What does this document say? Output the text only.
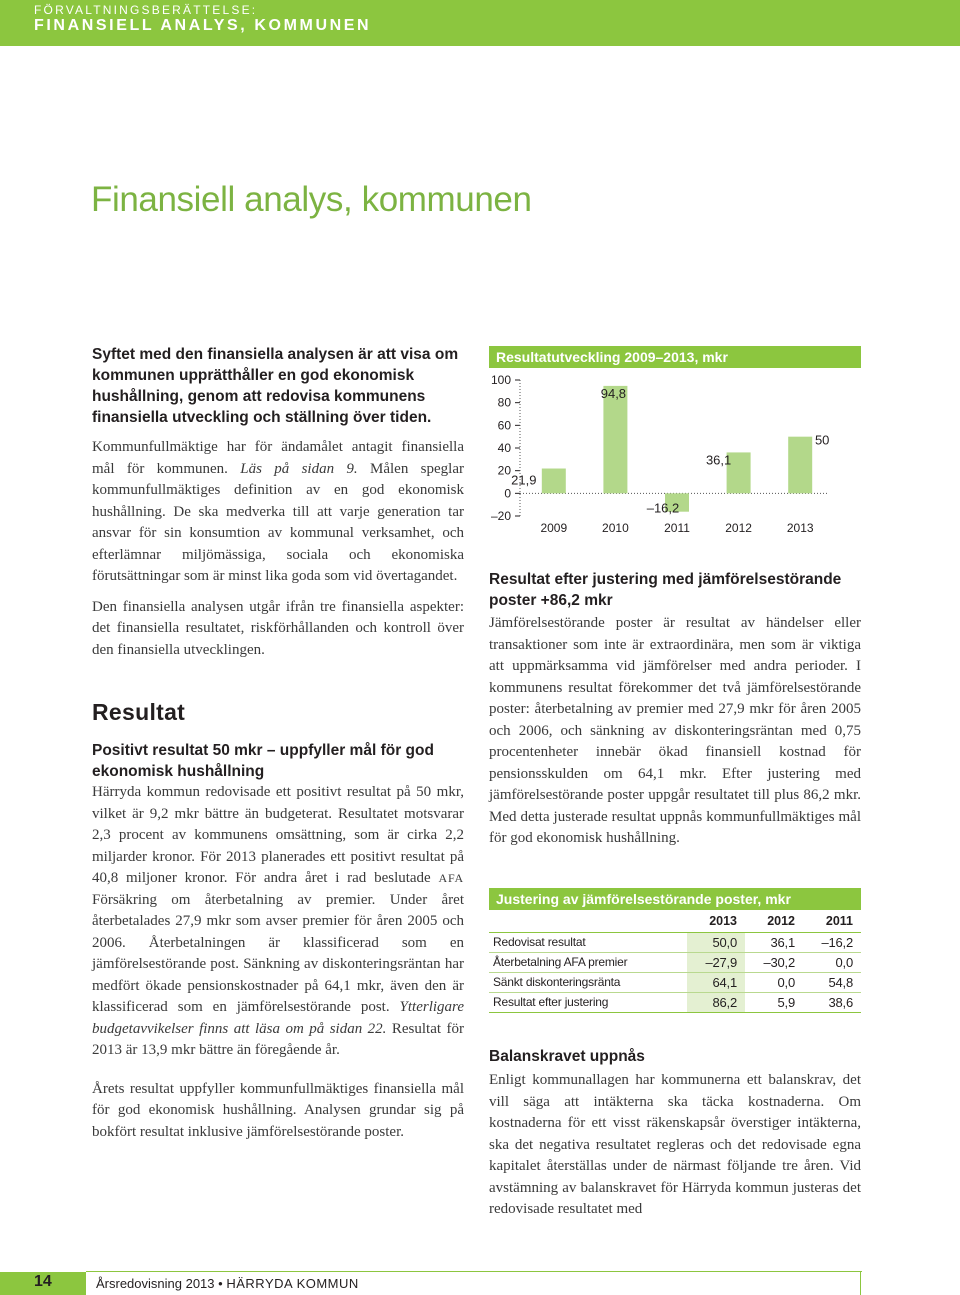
FÖRVALTNINGSBERÄTTELSE:
FINANSIELL ANALYS, KOMMUNEN
Finansiell analys, kommunen

Syftet med den finansiella analysen är att visa om kommunen upprätthåller en god ekonomisk hushållning, genom att redovisa kommunens finansiella utveckling och ställning över tiden.

Kommunfullmäktige har för ändamålet antagit finansiella mål för kommunen. Läs på sidan 9. Målen speglar kommunfullmäktiges definition av en god ekonomisk hushållning. De ska medverka till att varje generation tar ansvar för sin konsumtion av kommunal verksamhet, och efterlämnar miljömässiga, sociala och ekonomiska förutsättningar som är minst lika goda som vid övertagandet.

Den finansiella analysen utgår ifrån tre finansiella aspekter: det finansiella resultatet, riskförhållanden och kontroll över den finansiella utvecklingen.

Resultat
Positivt resultat 50 mkr – uppfyller mål för god ekonomisk hushållning

Härryda kommun redovisade ett positivt resultat på 50 mkr, vilket är 9,2 mkr bättre än budgeterat. Resultatet motsvarar 2,3 procent av kommunens omsättning, som är cirka 2,2 miljarder kronor. För 2013 planerades ett positivt resultat på 40,8 miljoner kronor. För andra året i rad beslutade AFA Försäkring om återbetalning av premier. Under året återbetalades 27,9 mkr som avser premier för åren 2005 och 2006. Återbetalningen är klassificerad som en jämförelsestörande post. Sänkning av diskonteringsräntan har medfört ökade pensionskostnader på 64,1 mkr, även den är klassificerad som en jämförelsestörande post. Ytterligare budgetavvikelser finns att läsa om på sidan 22. Resultat för 2013 är 13,9 mkr bättre än föregående år.

Årets resultat uppfyller kommunfullmäktiges finansiella mål för god ekonomisk hushållning. Analysen grundar sig på bokfört resultat inklusive jämförelsestörande poster.

Resultatutveckling 2009–2013, mkr
100
80
60
40
20
0
–20
21,9
2009
94,8
2010
–16,2
2011
36,1
2012
50
2013
Resultat efter justering med jämförelsestörande poster +86,2 mkr

Jämförelsestörande poster är resultat av händelser eller transaktioner som inte är extraordinära, men som är viktiga att uppmärksamma vid jämförelser med andra perioder. I kommunens resultat förekommer det två jämförelsestörande poster: återbetalning av premier med 27,9 mkr för åren 2005 och 2006, och sänkning av diskonteringsräntan med 0,75 procentenheter innebär ökad finansiell kostnad för pensionsskulden om 64,1 mkr. Efter justering med jämförelsestörande poster uppgår resultatet till plus 86,2 mkr. Med detta justerade resultat uppnås kommunfullmäktiges mål för god ekonomisk hushållning.

Justering av jämförelsestörande poster, mkr
	2013	2012	2011
Redovisat resultat	50,0	36,1	–16,2
Återbetalning AFA premier	–27,9	–30,2	0,0
Sänkt diskonteringsränta	64,1	0,0	54,8
Resultat efter justering	86,2	5,9	38,6
Balanskravet uppnås

Enligt kommunallagen har kommunerna ett balanskrav, det vill säga att intäkterna ska täcka kostnaderna. Om kostnaderna för ett visst räkenskapsår överstiger intäkterna, ska det negativa resultatet regleras och det redovisade egna kapitalet återställas under de närmast följande tre åren. Vid avstämning av balanskravet för Härryda kommun justeras det redovisade resultatet med

14	Årsredovisning 2013 • HÄRRYDA KOMMUN
